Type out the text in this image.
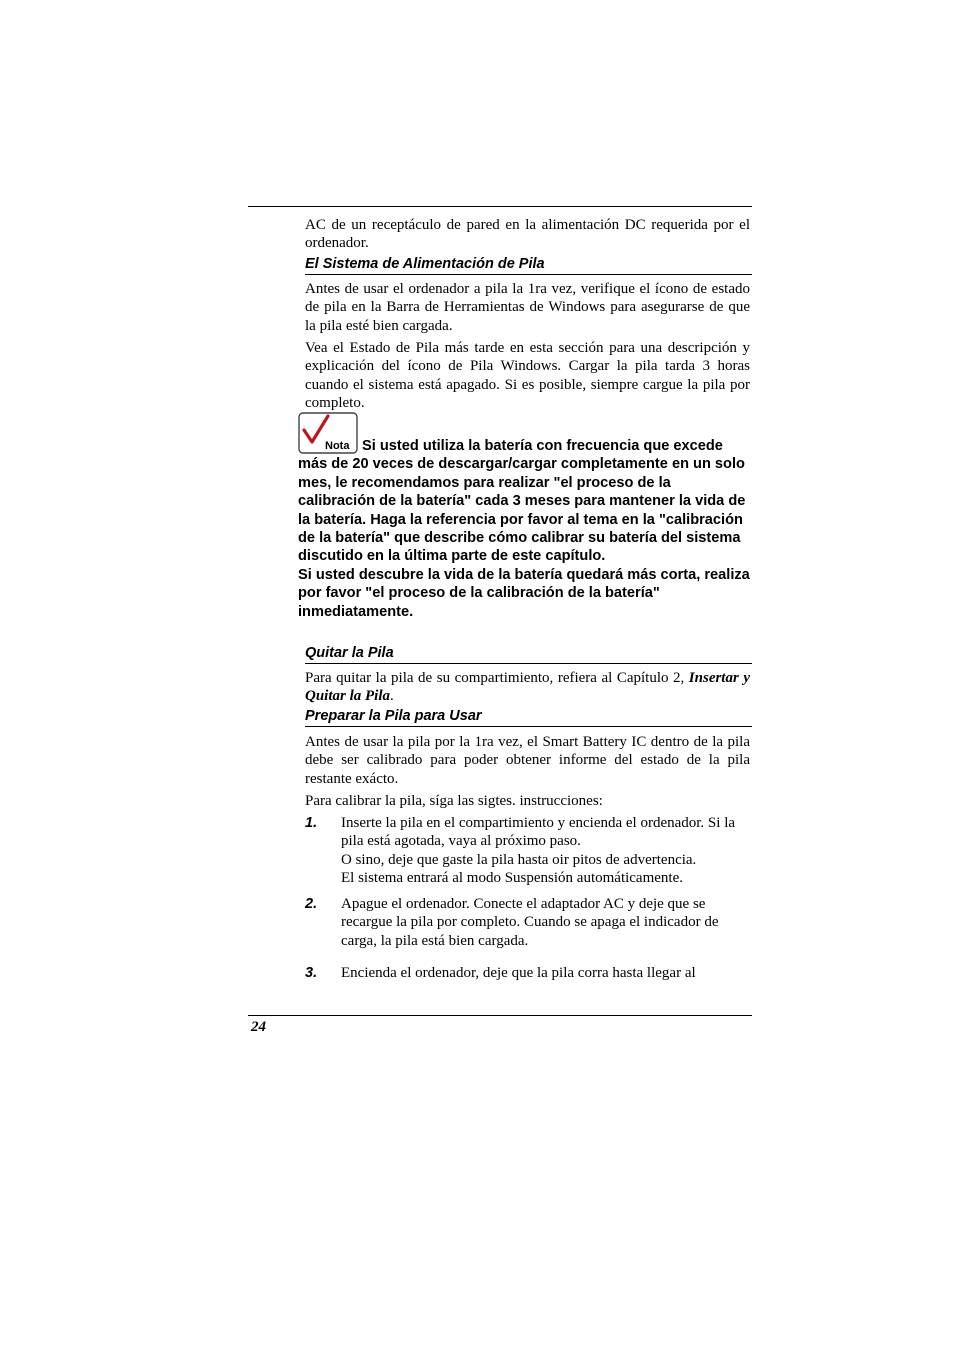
AC de un receptáculo de pared en la alimentación DC requerida por el ordenador.

El Sistema de Alimentación de Pila

Antes de usar el ordenador a pila la 1ra vez, verifique el ícono de estado de pila en la Barra de Herramientas de Windows para asegurarse de que la pila esté bien cargada.

Vea el Estado de Pila más tarde en esta sección para una descripción y explicación del ícono de Pila Windows. Cargar la pila tarda 3 horas cuando el sistema está apagado. Si es posible, siempre cargue la pila por completo.

Nota Si usted utiliza la batería con frecuencia que excede más de 20 veces de descargar/cargar completamente en un solo mes, le recomendamos para realizar "el proceso de la calibración de la batería" cada 3 meses para mantener la vida de la batería. Haga la referencia por favor al tema en la "calibración de la batería" que describe cómo calibrar su batería del sistema discutido en la última parte de este capítulo.
Si usted descubre la vida de la batería quedará más corta, realiza por favor "el proceso de la calibración de la batería" inmediatamente.
Quitar la Pila

Para quitar la pila de su compartimiento, refiera al Capítulo 2, Insertar y Quitar la Pila.

Preparar la Pila para Usar

Antes de usar la pila por la 1ra vez, el Smart Battery IC dentro de la pila debe ser calibrado para poder obtener informe del estado de la pila restante exácto.

Para calibrar la pila, síga las sigtes. instrucciones:

1. Inserte la pila en el compartimiento y encienda el ordenador. Si la pila está agotada, vaya al próximo paso.
O sino, deje que gaste la pila hasta oir pitos de advertencia.
El sistema entrará al modo Suspensión automáticamente.
2. Apague el ordenador. Conecte el adaptador AC y deje que se recargue la pila por completo. Cuando se apaga el indicador de carga, la pila está bien cargada.
3. Encienda el ordenador, deje que la pila corra hasta llegar al
24
